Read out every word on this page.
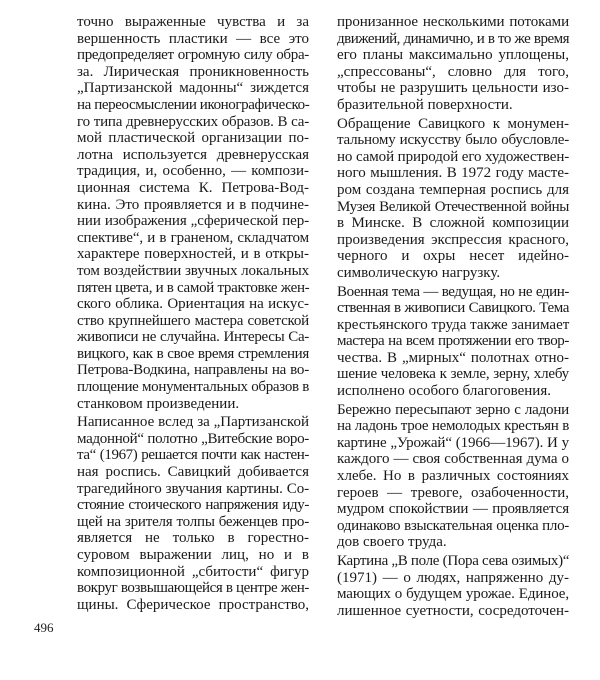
точно выраженные чувства и за
вершенность пластики — все это
предопределяет огромную силу обра-
за. Лирическая проникновенность
„Партизанской мадонны“ зиждется
на переосмыслении иконографическо-
го типа древнерусских образов. В са-
мой пластической организации по-
лотна используется древнерусская
традиция, и, особенно, — компози-
ционная система К. Петрова-Вод-
кина. Это проявляется и в подчине-
нии изображения „сферической пер-
спективе“, и в граненом, складчатом
характере поверхностей, и в откры-
том воздействии звучных локальных
пятен цвета, и в самой трактовке жен-
ского облика. Ориентация на искус-
ство крупнейшего мастера советской
живописи не случайна. Интересы Са-
вицкого, как в свое время стремления
Петрова-Водкина, направлены на во-
площение монументальных образов в
станковом произведении.
Написанное вслед за „Партизанской
мадонной“ полотно „Витебские воро-
та“ (1967) решается почти как настен-
ная роспись. Савицкий добивается
трагедийного звучания картины. Со-
стояние стоического напряжения иду-
щей на зрителя толпы беженцев про-
является не только в горестно-
суровом выражении лиц, но и в
композиционной „сбитости“ фигур
вокруг возвышающейся в центре жен-
щины. Сферическое пространство,
пронизанное несколькими потоками
движений, динамично, и в то же время
его планы максимально уплощены,
„спрессованы“, словно для того,
чтобы не разрушить цельности изо-
бразительной поверхности.
Обращение Савицкого к монумен-
тальному искусству было обусловле-
но самой природой его художествен-
ного мышления. В 1972 году масте-
ром создана темперная роспись для
Музея Великой Отечественной войны
в Минске. В сложной композиции
произведения экспрессия красного,
черного и охры несет идейно-
символическую нагрузку.
Военная тема — ведущая, но не един-
ственная в живописи Савицкого. Тема
крестьянского труда также занимает
мастера на всем протяжении его твор-
чества. В „мирных“ полотнах отно-
шение человека к земле, зерну, хлебу
исполнено особого благоговения.
Бережно пересыпают зерно с ладони
на ладонь трое немолодых крестьян в
картине „Урожай“ (1966—1967). И у
каждого — своя собственная дума о
хлебе. Но в различных состояниях
героев — тревоге, озабоченности,
мудром спокойствии — проявляется
одинаково взыскательная оценка пло-
дов своего труда.
Картина „В поле (Пора сева озимых)“
(1971) — о людях, напряженно ду-
мающих о будущем урожае. Единое,
лишенное суетности, сосредоточен-
496
